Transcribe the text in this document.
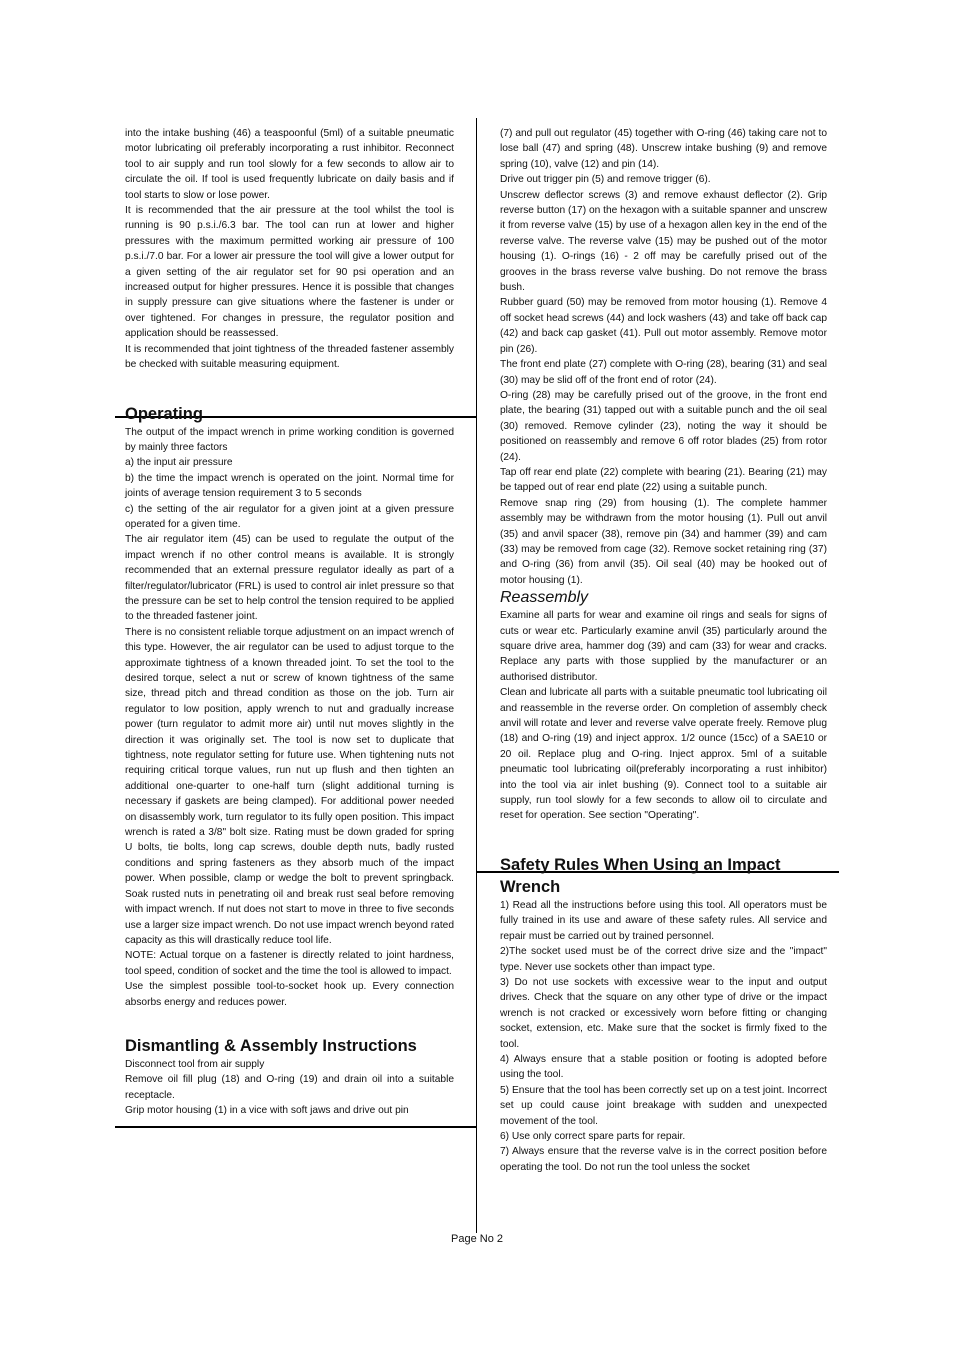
into the intake bushing (46) a teaspoonful (5ml) of a suitable pneumatic motor lubricating oil preferably incorporating a rust inhibitor. Reconnect tool to air supply and run tool slowly for a few seconds to allow air to circulate the oil. If tool is used frequently lubricate on daily basis and if tool starts to slow or lose power.

It is recommended that the air pressure at the tool whilst the tool is running is 90 p.s.i./6.3 bar. The tool can run at lower and higher pressures with the maximum permitted working air pressure of 100 p.s.i./7.0 bar. For a lower air pressure the tool will give a lower output for a given setting of the air regulator set for 90 psi operation and an increased output for higher pressures. Hence it is possible that changes in supply pressure can give situations where the fastener is under or over tightened. For changes in pressure, the regulator position and application should be reassessed.

It is recommended that joint tightness of the threaded fastener assembly be checked with suitable measuring equipment.

Operating

The output of the impact wrench in prime working condition is governed by mainly three factors

a) the input air pressure

b) the time the impact wrench is operated on the joint. Normal time for joints of average tension requirement 3 to 5 seconds

c) the setting of the air regulator for a given joint at a given pressure operated for a given time.

The air regulator item (45) can be used to regulate the output of the impact wrench if no other control means is available. It is strongly recommended that an external pressure regulator ideally as part of a filter/regulator/lubricator (FRL) is used to control air inlet pressure so that the pressure can be set to help control the tension required to be applied to the threaded fastener joint.

There is no consistent reliable torque adjustment on an impact wrench of this type. However, the air regulator can be used to adjust torque to the approximate tightness of a known threaded joint. To set the tool to the desired torque, select a nut or screw of known tightness of the same size, thread pitch and thread condition as those on the job. Turn air regulator to low position, apply wrench to nut and gradually increase power (turn regulator to admit more air) until nut moves slightly in the direction it was originally set. The tool is now set to duplicate that tightness, note regulator setting for future use. When tightening nuts not requiring critical torque values, run nut up flush and then tighten an additional one-quarter to one-half turn (slight additional turning is necessary if gaskets are being clamped). For additional power needed on disassembly work, turn regulator to its fully open position. This impact wrench is rated a 3/8" bolt size. Rating must be down graded for spring U bolts, tie bolts, long cap screws, double depth nuts, badly rusted conditions and spring fasteners as they absorb much of the impact power. When possible, clamp or wedge the bolt to prevent springback. Soak rusted nuts in penetrating oil and break rust seal before removing with impact wrench. If nut does not start to move in three to five seconds use a larger size impact wrench. Do not use impact wrench beyond rated capacity as this will drastically reduce tool life.

NOTE: Actual torque on a fastener is directly related to joint hardness, tool speed, condition of socket and the time the tool is allowed to impact.

Use the simplest possible tool-to-socket hook up. Every connection absorbs energy and reduces power.

Dismantling & Assembly Instructions

Disconnect tool from air supply

Remove oil fill plug (18) and O-ring (19) and drain oil into a suitable receptacle.

Grip motor housing (1) in a vice with soft jaws and drive out pin

(7) and pull out regulator (45) together with O-ring (46) taking care not to lose ball (47) and spring (48). Unscrew intake bushing (9) and remove spring (10), valve (12) and pin (14).

Drive out trigger pin (5) and remove trigger (6).

Unscrew deflector screws (3) and remove exhaust deflector (2). Grip reverse button (17) on the hexagon with a suitable spanner and unscrew it from reverse valve (15) by use of a hexagon allen key in the end of the reverse valve. The reverse valve (15) may be pushed out of the motor housing (1). O-rings (16) - 2 off may be carefully prised out of the grooves in the brass reverse valve bushing. Do not remove the brass bush.

Rubber guard (50) may be removed from motor housing (1). Remove 4 off socket head screws (44) and lock washers (43) and take off back cap (42) and back cap gasket (41). Pull out motor assembly. Remove motor pin (26).

The front end plate (27) complete with O-ring (28), bearing (31) and seal (30) may be slid off of the front end of rotor (24).

O-ring (28) may be carefully prised out of the groove, in the front end plate, the bearing (31) tapped out with a suitable punch and the oil seal (30) removed. Remove cylinder (23), noting the way it should be positioned on reassembly and remove 6 off rotor blades (25) from rotor (24).

Tap off rear end plate (22) complete with bearing (21). Bearing (21) may be tapped out of rear end plate (22) using a suitable punch.

Remove snap ring (29) from housing (1). The complete hammer assembly may be withdrawn from the motor housing (1). Pull out anvil (35) and anvil spacer (38), remove pin (34) and hammer (39) and cam (33) may be removed from cage (32). Remove socket retaining ring (37) and O-ring (36) from anvil (35). Oil seal (40) may be hooked out of motor housing (1).

Reassembly

Examine all parts for wear and examine oil rings and seals for signs of cuts or wear etc. Particularly examine anvil (35) particularly around the square drive area, hammer dog (39) and cam (33) for wear and cracks. Replace any parts with those supplied by the manufacturer or an authorised distributor.

Clean and lubricate all parts with a suitable pneumatic tool lubricating oil and reassemble in the reverse order. On completion of assembly check anvil will rotate and lever and reverse valve operate freely. Remove plug (18) and O-ring (19) and inject approx. 1/2 ounce (15cc) of a SAE10 or 20 oil. Replace plug and O-ring. Inject approx. 5ml of a suitable pneumatic tool lubricating oil(preferably incorporating a rust inhibitor) into the tool via air inlet bushing (9). Connect tool to a suitable air supply, run tool slowly for a few seconds to allow oil to circulate and reset for operation. See section "Operating".

Safety Rules When Using an Impact Wrench

1) Read all the instructions before using this tool. All operators must be fully trained in its use and aware of these safety rules. All service and repair must be carried out by trained personnel.

2)The socket used must be of the correct drive size and the "impact" type. Never use sockets other than impact type.

3) Do not use sockets with excessive wear to the input and output drives. Check that the square on any other type of drive or the impact wrench is not cracked or excessively worn before fitting or changing socket, extension, etc. Make sure that the socket is firmly fixed to the tool.

4) Always ensure that a stable position or footing is adopted before using the tool.

5) Ensure that the tool has been correctly set up on a test joint. Incorrect set up could cause joint breakage with sudden and unexpected movement of the tool.

6) Use only correct spare parts for repair.

7) Always ensure that the reverse valve is in the correct position before operating the tool. Do not run the tool unless the socket

Page No 2
